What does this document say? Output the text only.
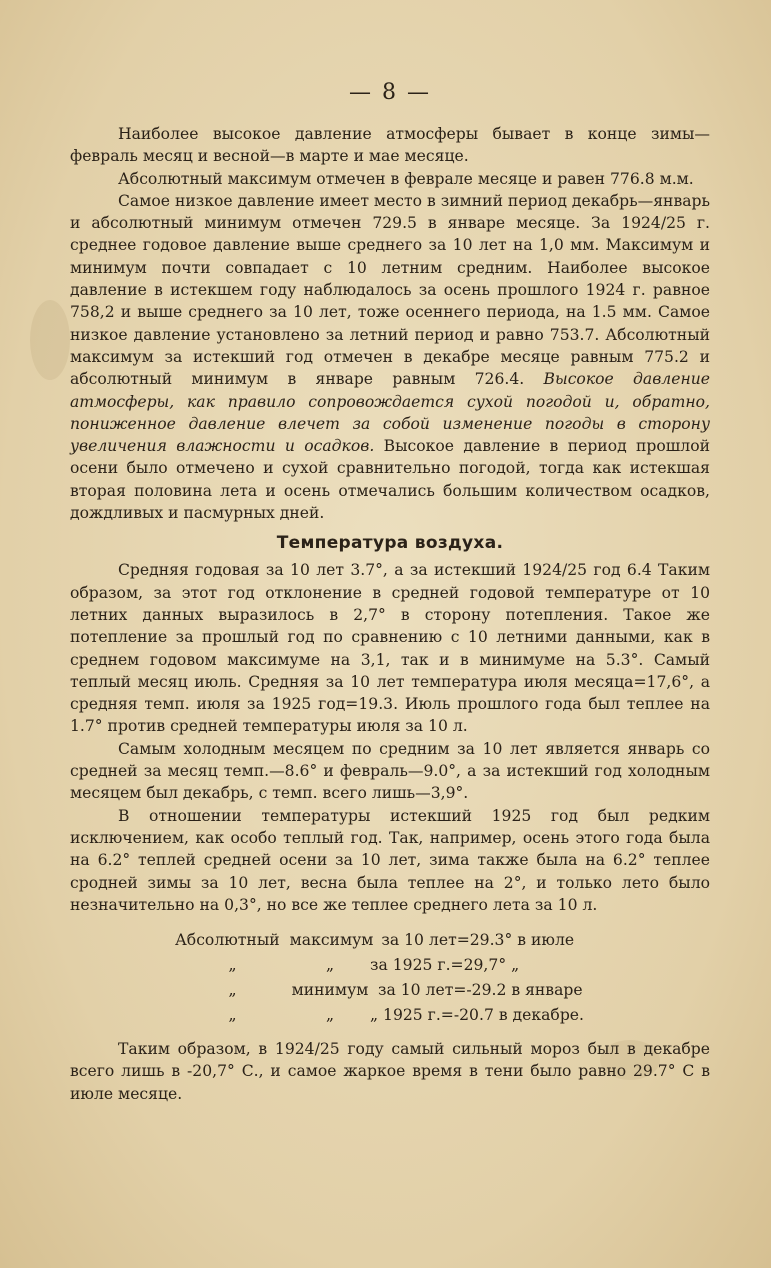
— 8 —

Наиболее высокое давление атмосферы бывает в конце зимы— февраль месяц и весной—в марте и мае месяце.

Абсолютный максимум отмечен в феврале месяце и равен 776.8 м.м.

Самое низкое давление имеет место в зимний период декабрь—январь и абсолютный минимум отмечен 729.5 в январе месяце. За 1924/25 г. среднее годовое давление выше среднего за 10 лет на 1,0 мм. Максимум и минимум почти совпадает с 10 летним средним. Наиболее высокое давление в истекшем году наблюдалось за осень прошлого 1924 г. равное 758,2 и выше среднего за 10 лет, тоже осеннего периода, на 1.5 мм. Самое низкое давление установлено за летний период и равно 753.7. Абсолютный максимум за истекший год отмечен в декабре месяце равным 775.2 и абсолютный минимум в январе равным 726.4. Высокое давление атмосферы, как правило сопровождается сухой погодой и, обратно, пониженное давление влечет за собой изменение погоды в сторону увеличения влажности и осадков. Высокое давление в период прошлой осени было отмечено и сухой сравнительно погодой, тогда как истекшая вторая половина лета и осень отмечались большим количеством осадков, дождливых и пасмурных дней.

Температура воздуха.

Средняя годовая за 10 лет 3.7°, а за истекший 1924/25 год 6.4 Таким образом, за этот год отклонение в средней годовой температуре от 10 летних данных выразилось в 2,7° в сторону потепления. Такое же потепление за прошлый год по сравнению с 10 летними данными, как в среднем годовом максимуме на 3,1, так и в минимуме на 5.3°. Самый теплый месяц июль. Средняя за 10 лет температура июля месяца=17,6°, а средняя темп. июля за 1925 год=19.3. Июль прошлого года был теплее на 1.7° против средней температуры июля за 10 л.

Самым холодным месяцем по средним за 10 лет является январь со средней за месяц темп.—8.6° и февраль—9.0°, а за истекший год холодным месяцем был декабрь, с темп. всего лишь—3,9°.

В отношении температуры истекший 1925 год был редким исключением, как особо теплый год. Так, например, осень этого года была на 6.2° теплей средней осени за 10 лет, зима также была на 6.2° теплее сродней зимы за 10 лет, весна была теплее на 2°, и только лето было незначительно на 0,3°, но все же теплее среднего лета за 10 л.

Абсолютный максимум за 10 лет=29.3° в июле
„	„	за 1925 г.=29,7° „
„	минимум за 10 лет=-29.2 в январе
„	„	„ 1925 г.=-20.7 в декабре.

Таким образом, в 1924/25 году самый сильный мороз был в декабре всего лишь в -20,7° С., и самое жаркое время в тени было равно 29.7° С в июле месяце.
